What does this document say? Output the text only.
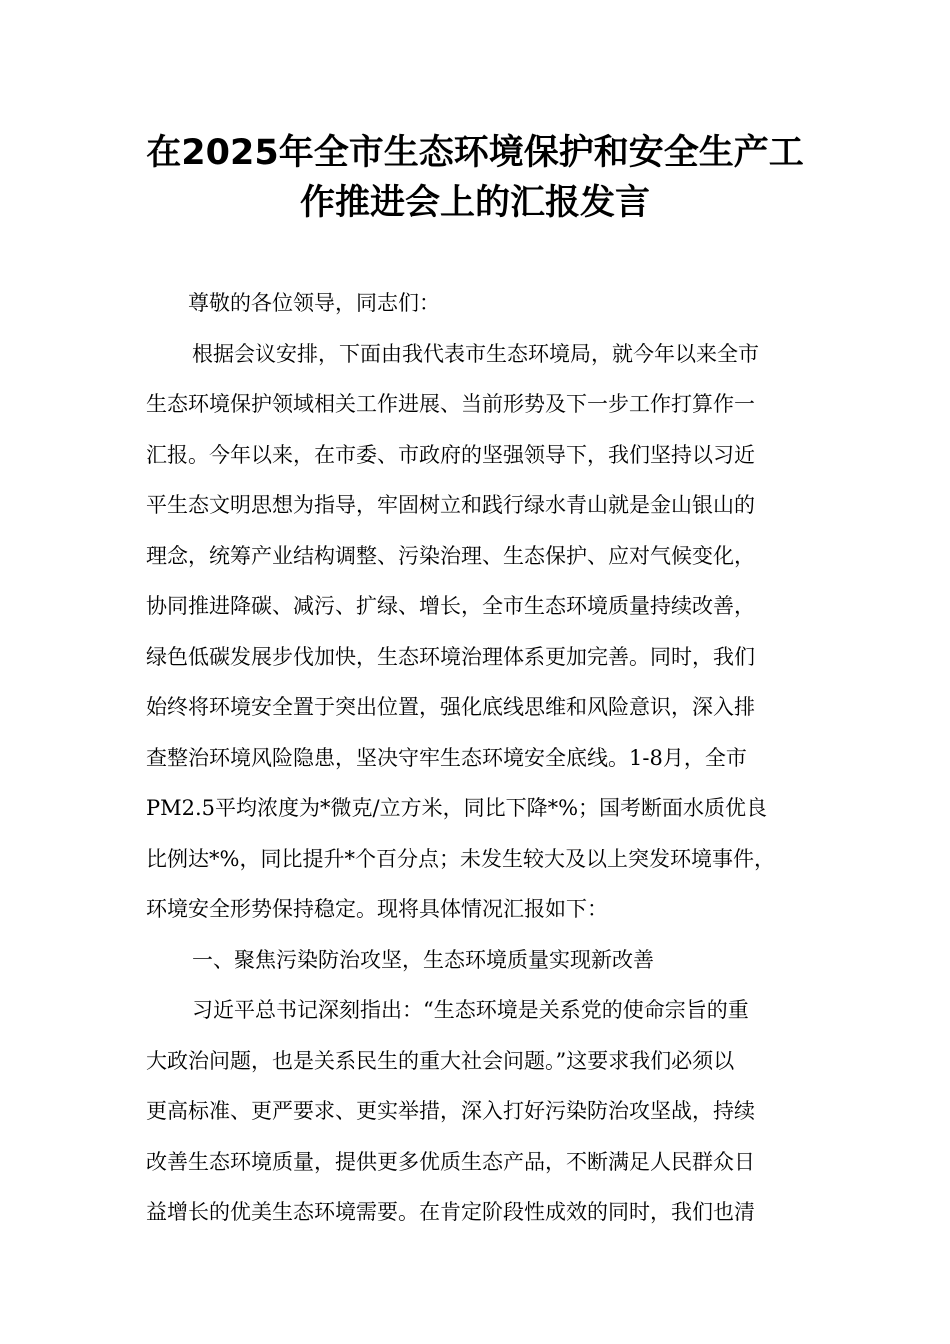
在2025年全市生态环境保护和安全生产工
作推进会上的汇报发言
尊敬的各位领导，同志们：
根据会议安排，下面由我代表市生态环境局，就今年以来全市
生态环境保护领域相关工作进展、当前形势及下一步工作打算作一
汇报。今年以来，在市委、市政府的坚强领导下，我们坚持以习近
平生态文明思想为指导，牢固树立和践行绿水青山就是金山银山的
理念，统筹产业结构调整、污染治理、生态保护、应对气候变化，
协同推进降碳、减污、扩绿、增长，全市生态环境质量持续改善，
绿色低碳发展步伐加快，生态环境治理体系更加完善。同时，我们
始终将环境安全置于突出位置，强化底线思维和风险意识，深入排
查整治环境风险隐患，坚决守牢生态环境安全底线。1-8月，全市
PM2.5平均浓度为*微克/立方米，同比下降*%；国考断面水质优良
比例达*%，同比提升*个百分点；未发生较大及以上突发环境事件，
环境安全形势保持稳定。现将具体情况汇报如下：
一、聚焦污染防治攻坚，生态环境质量实现新改善
习近平总书记深刻指出：“生态环境是关系党的使命宗旨的重
大政治问题，也是关系民生的重大社会问题。”这要求我们必须以
更高标准、更严要求、更实举措，深入打好污染防治攻坚战，持续
改善生态环境质量，提供更多优质生态产品，不断满足人民群众日
益增长的优美生态环境需要。在肯定阶段性成效的同时，我们也清
